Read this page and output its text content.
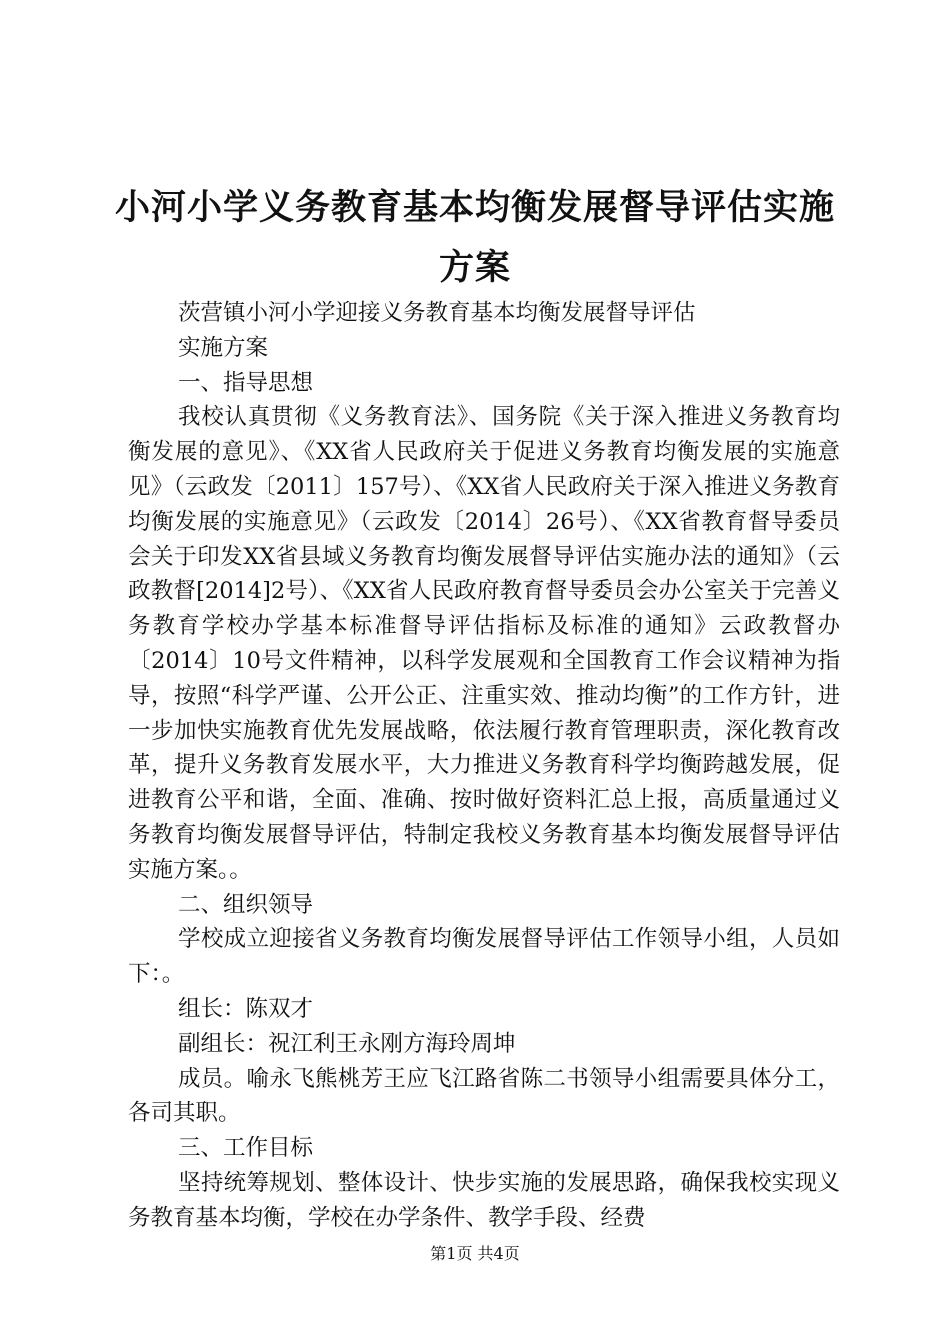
小河小学义务教育基本均衡发展督导评估实施
方案

茨营镇小河小学迎接义务教育基本均衡发展督导评估

实施方案

一、指导思想

我校认真贯彻《义务教育法》、国务院《关于深入推进义务教育均衡发展的意见》、《XX省人民政府关于促进义务教育均衡发展的实施意见》（云政发〔2011〕157号）、《XX省人民政府关于深入推进义务教育均衡发展的实施意见》（云政发〔2014〕26号）、《XX省教育督导委员会关于印发XX省县域义务教育均衡发展督导评估实施办法的通知》（云政教督[2014]2号）、《XX省人民政府教育督导委员会办公室关于完善义务教育学校办学基本标准督导评估指标及标准的通知》云政教督办〔2014〕10号文件精神，以科学发展观和全国教育工作会议精神为指导，按照“科学严谨、公开公正、注重实效、推动均衡”的工作方针，进一步加快实施教育优先发展战略，依法履行教育管理职责，深化教育改革，提升义务教育发展水平，大力推进义务教育科学均衡跨越发展，促进教育公平和谐，全面、准确、按时做好资料汇总上报，高质量通过义务教育均衡发展督导评估，特制定我校义务教育基本均衡发展督导评估实施方案。。

二、组织领导

学校成立迎接省义务教育均衡发展督导评估工作领导小组，人员如下：。

组长：陈双才

副组长：祝江利王永刚方海玲周坤

成员。喻永飞熊桃芳王应飞江路省陈二书领导小组需要具体分工，各司其职。

三、工作目标

坚持统筹规划、整体设计、快步实施的发展思路，确保我校实现义务教育基本均衡，学校在办学条件、教学手段、经费

第1页 共4页
